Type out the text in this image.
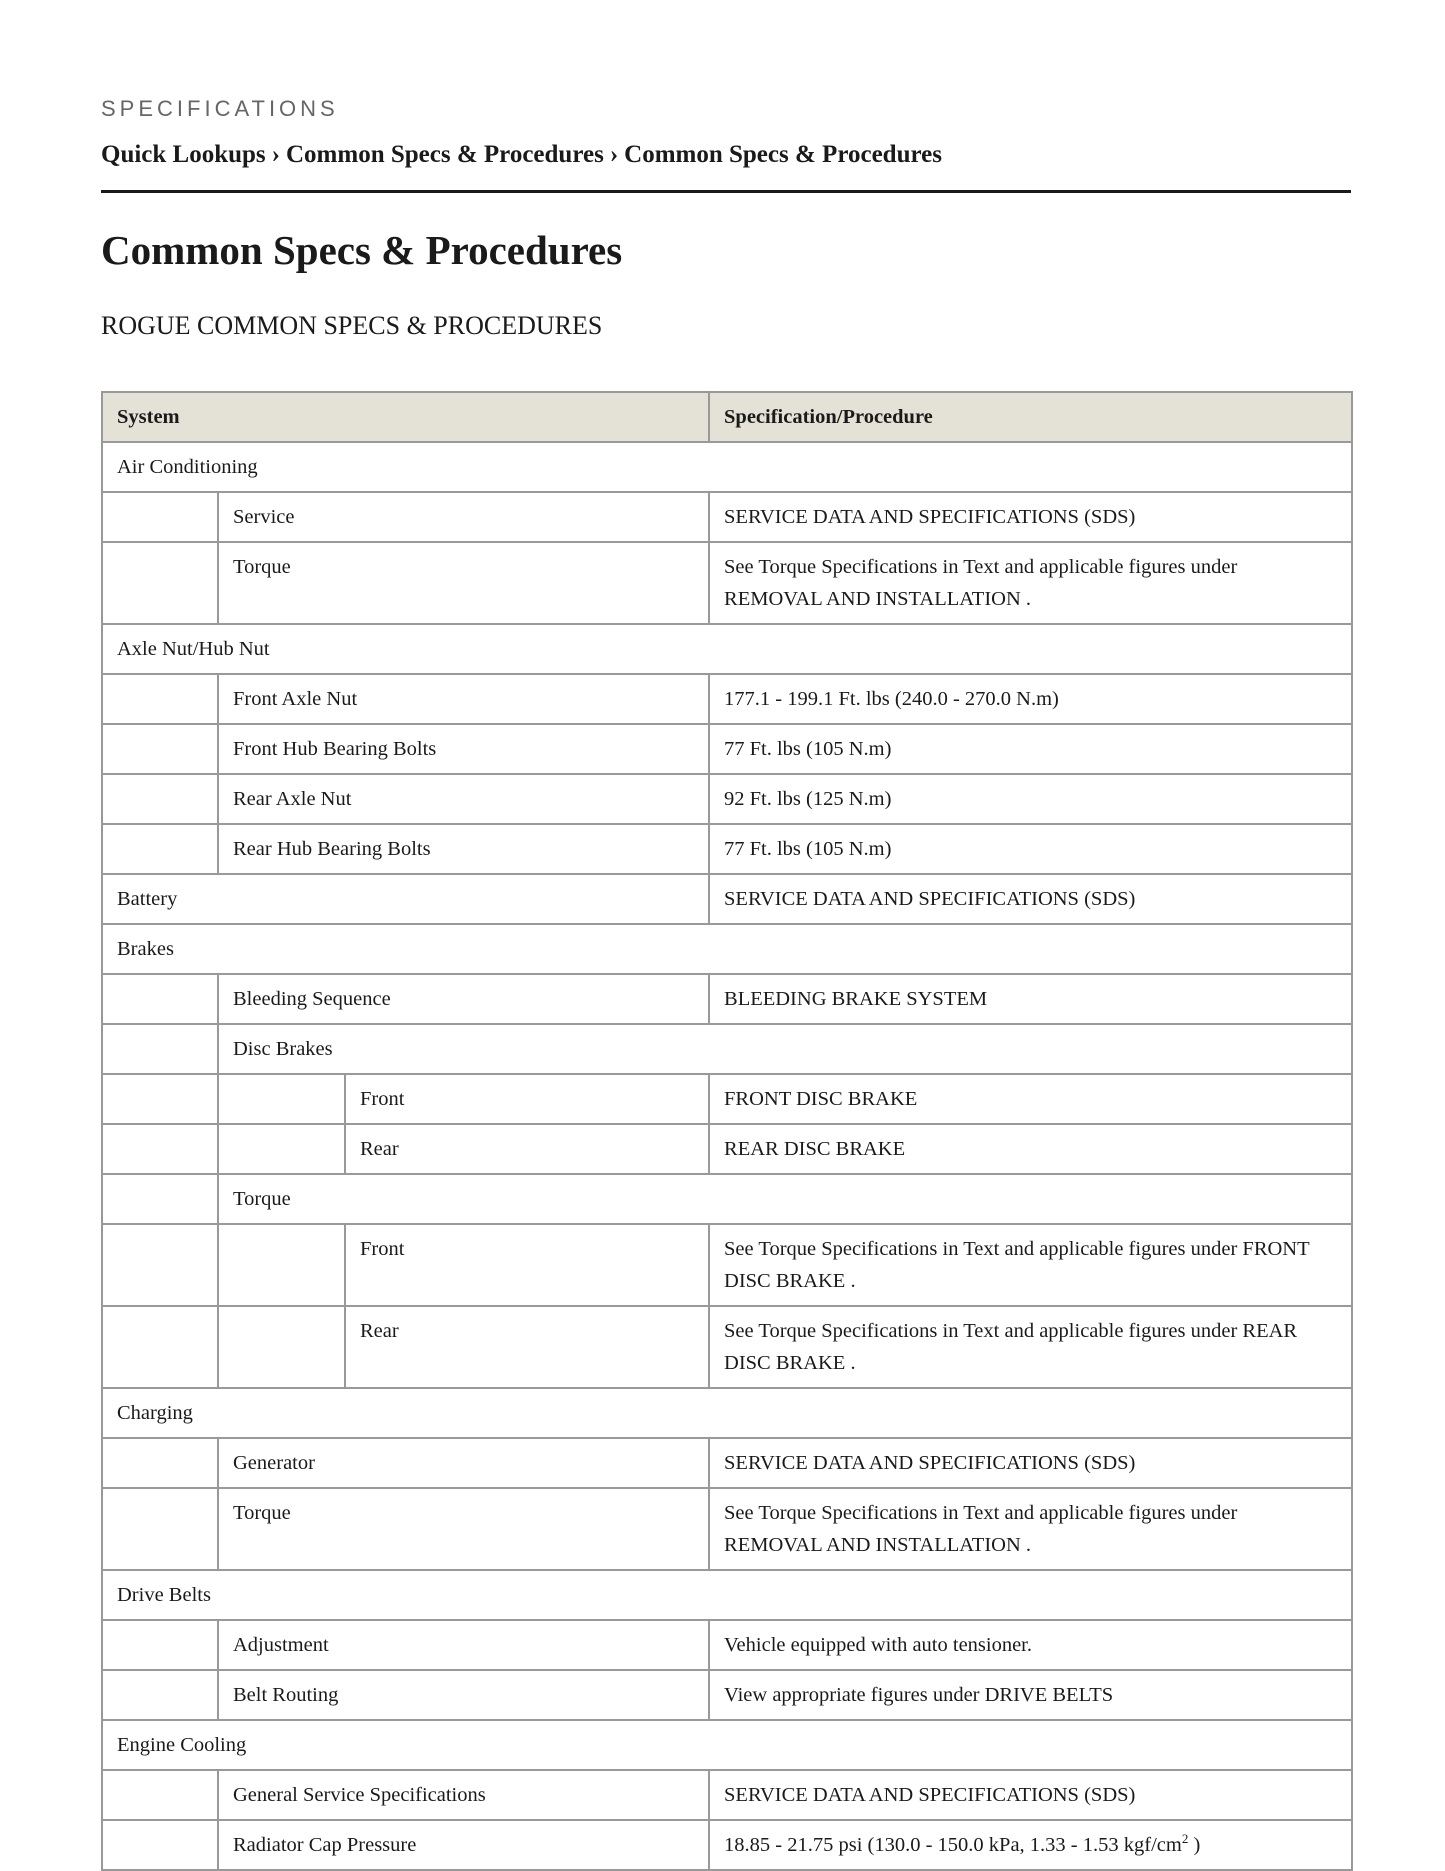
SPECIFICATIONS
Quick Lookups › Common Specs & Procedures › Common Specs & Procedures
Common Specs & Procedures
ROGUE COMMON SPECS & PROCEDURES
System			Specification/Procedure
Air Conditioning			
	Service		SERVICE DATA AND SPECIFICATIONS (SDS)
	Torque		See Torque Specifications in Text and applicable figures under REMOVAL AND INSTALLATION .
Axle Nut/Hub Nut			
	Front Axle Nut		177.1 - 199.1 Ft. lbs (240.0 - 270.0 N.m)
	Front Hub Bearing Bolts		77 Ft. lbs (105 N.m)
	Rear Axle Nut		92 Ft. lbs (125 N.m)
	Rear Hub Bearing Bolts		77 Ft. lbs (105 N.m)
Battery			SERVICE DATA AND SPECIFICATIONS (SDS)
Brakes			
	Bleeding Sequence		BLEEDING BRAKE SYSTEM
	Disc Brakes		
		Front	FRONT DISC BRAKE
		Rear	REAR DISC BRAKE
	Torque		
		Front	See Torque Specifications in Text and applicable figures under FRONT DISC BRAKE .
		Rear	See Torque Specifications in Text and applicable figures under REAR DISC BRAKE .
Charging			
	Generator		SERVICE DATA AND SPECIFICATIONS (SDS)
	Torque		See Torque Specifications in Text and applicable figures under REMOVAL AND INSTALLATION .
Drive Belts			
	Adjustment		Vehicle equipped with auto tensioner.
	Belt Routing		View appropriate figures under DRIVE BELTS
Engine Cooling			
	General Service Specifications		SERVICE DATA AND SPECIFICATIONS (SDS)
	Radiator Cap Pressure		18.85 - 21.75 psi (130.0 - 150.0 kPa, 1.33 - 1.53 kgf/$cm^2$ )
